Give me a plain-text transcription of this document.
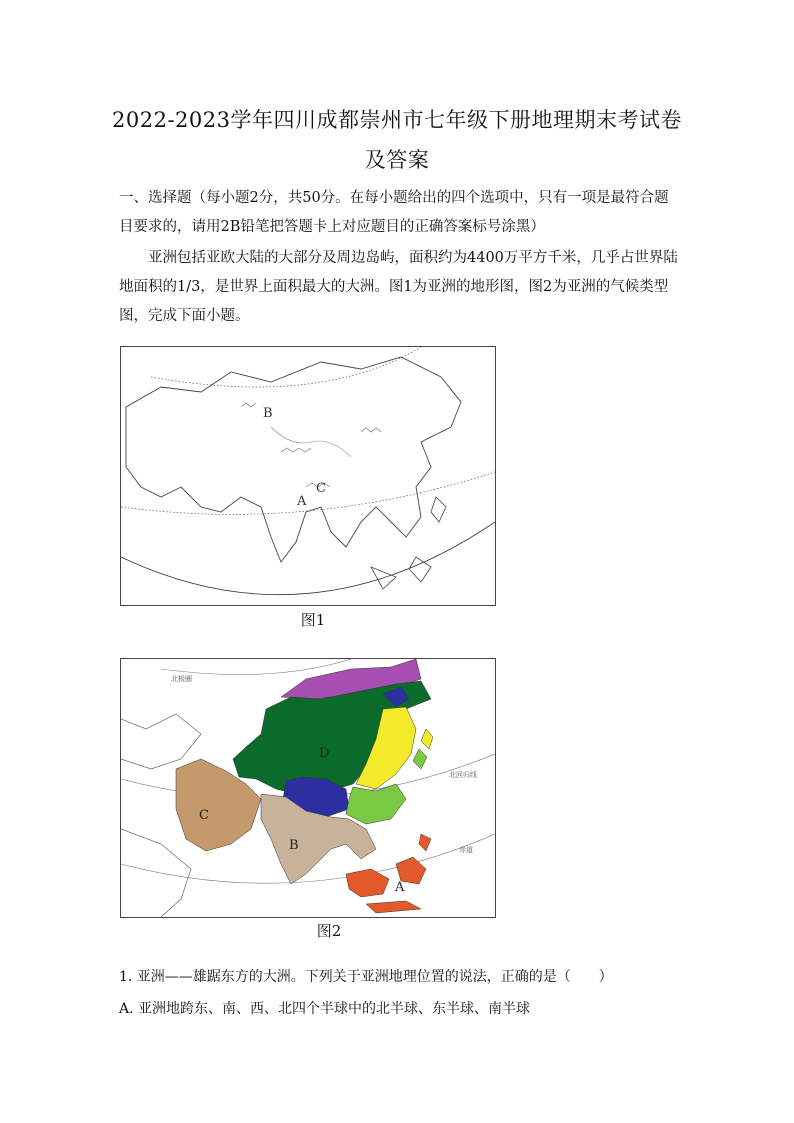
2022-2023学年四川成都崇州市七年级下册地理期末考试卷
及答案
一、选择题（每小题2分，共50分。在每小题给出的四个选项中，只有一项是最符合题目要求的，请用2B铅笔把答题卡上对应题目的正确答案标号涂黑）
亚洲包括亚欧大陆的大部分及周边岛屿，面积约为4400万平方千米，几乎占世界陆地面积的1/3，是世界上面积最大的大洲。图1为亚洲的地形图，图2为亚洲的气候类型图，完成下面小题。
B
C
A
图1
北极圈
北回归线
赤道
A
B
C
D
图2
1. 亚洲——雄踞东方的大洲。下列关于亚洲地理位置的说法，正确的是（　　）
A. 亚洲地跨东、南、西、北四个半球中的北半球、东半球、南半球
